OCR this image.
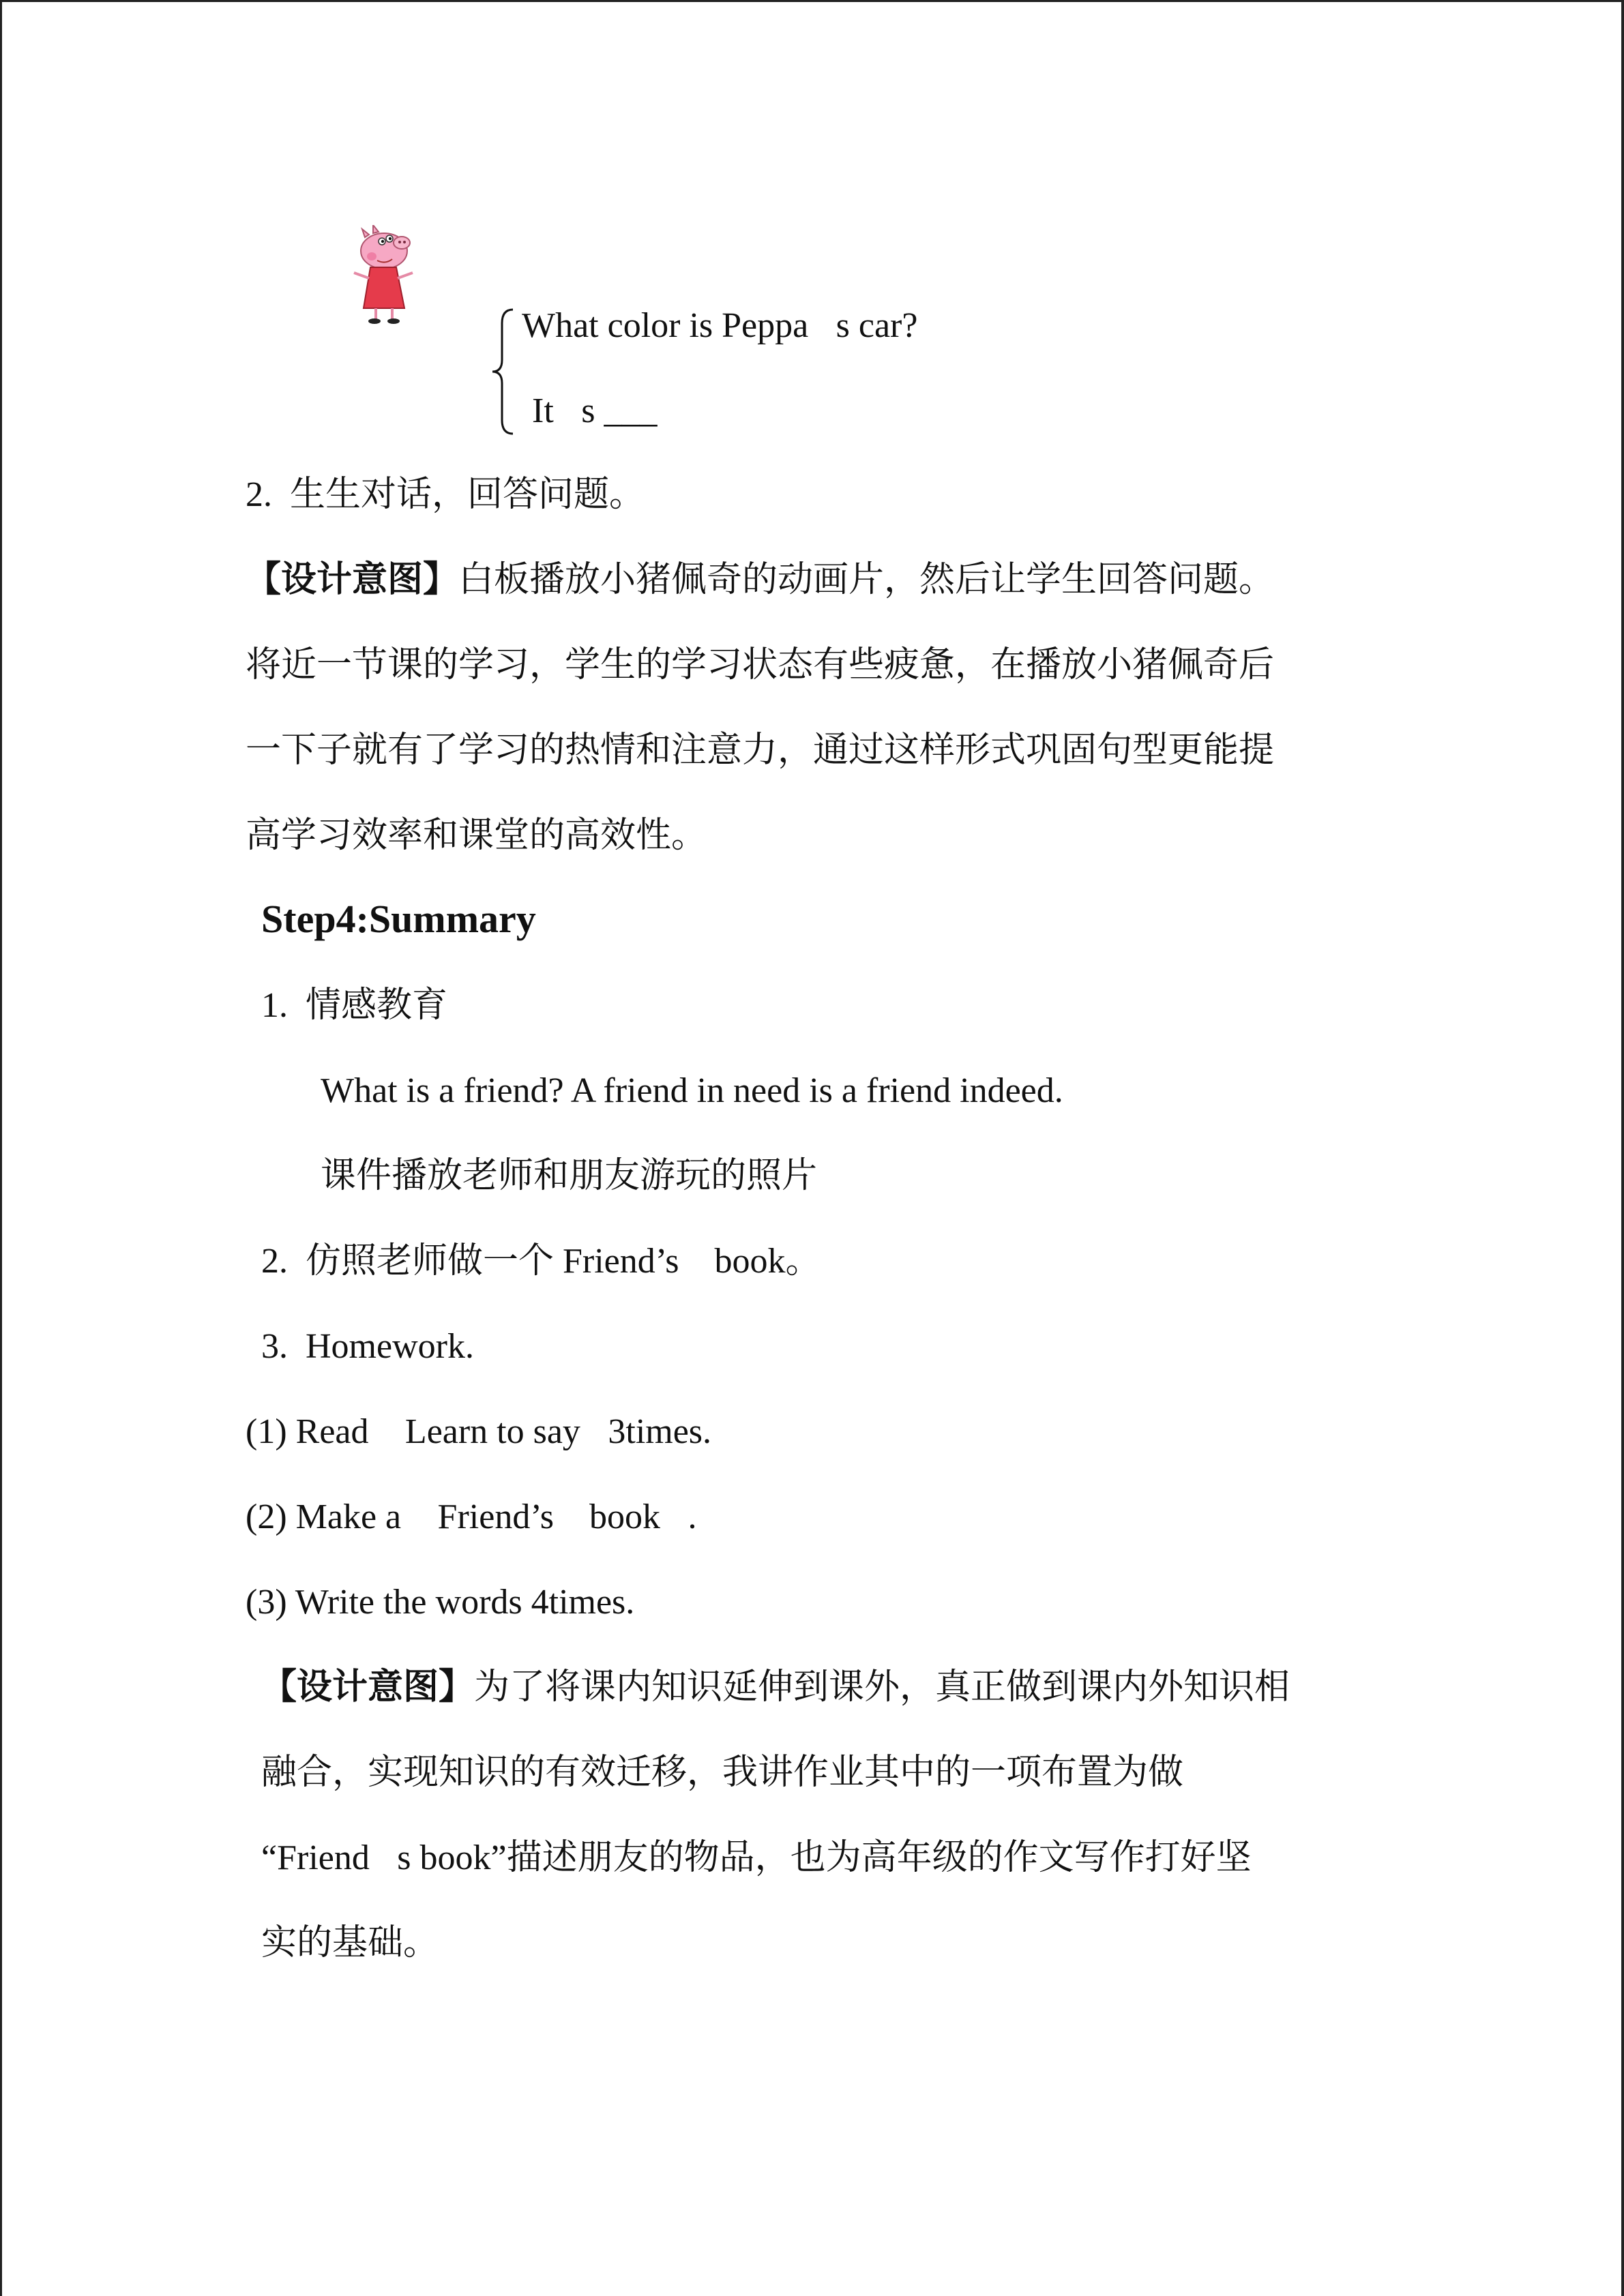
What color is Peppa s car?
It s ___
2.  生生对话，回答问题。
【设计意图】白板播放小猪佩奇的动画片，然后让学生回答问题。
将近一节课的学习，学生的学习状态有些疲惫，在播放小猪佩奇后
一下子就有了学习的热情和注意力，通过这样形式巩固句型更能提
高学习效率和课堂的高效性。
Step4:Summary
1.  情感教育
What is a friend? A friend in need is a friend indeed.
课件播放老师和朋友游玩的照片
2.  仿照老师做一个 Friend’s    book。
3.  Homework.
(1) Read  Learn to say 3times.
(2) Make a  Friend’s    book .
(3) Write the words 4times.
【设计意图】为了将课内知识延伸到课外，真正做到课内外知识相
融合，实现知识的有效迁移，我讲作业其中的一项布置为做
“Friend s book”描述朋友的物品，也为高年级的作文写作打好坚
实的基础。
